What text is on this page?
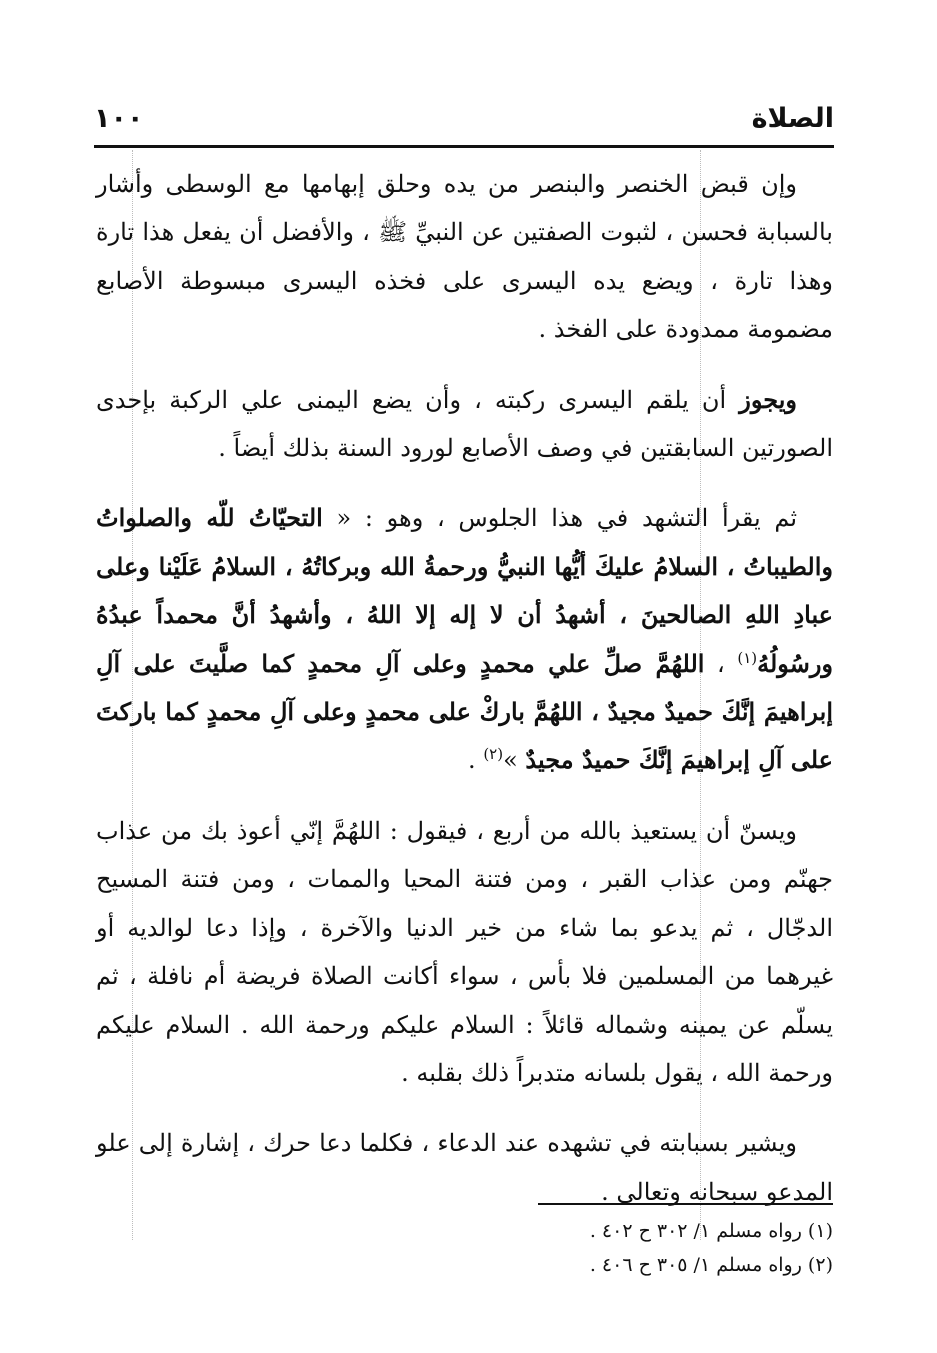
الصلاة
١٠٠

وإن قبض الخنصر والبنصر من يده وحلق إبهامها مع الوسطى وأشار بالسبابة فحسن ، لثبوت الصفتين عن النبيِّ ﷺ ، والأفضل أن يفعل هذا تارة وهذا تارة ، ويضع يده اليسرى على فخذه اليسرى مبسوطة الأصابع مضمومة ممدودة على الفخذ .

ويجوز أن يلقم اليسرى ركبته ، وأن يضع اليمنى علي الركبة بإحدى الصورتين السابقتين في وصف الأصابع لورود السنة بذلك أيضاً .

ثم يقرأ التشهد في هذا الجلوس ، وهو : « التحيّاتُ للّه والصلواتُ والطيباتُ ، السلامُ عليكَ أيُّها النبيُّ ورحمةُ الله وبركاتُهُ ، السلامُ عَلَيْنا وعلى عبادِ اللهِ الصالحينَ ، أشهدُ أن لا إله إلا اللهُ ، وأشهدُ أنَّ محمداً عبدُهُ ورسُولُهُ$^{(١)}$ ، اللهُمَّ صلِّ علي محمدٍ وعلى آلِ محمدٍ كما صلَّيتَ على آلِ إبراهيمَ إنَّكَ حميدٌ مجيدٌ ، اللهُمَّ باركْ على محمدٍ وعلى آلِ محمدٍ كما باركتَ على آلِ إبراهيمَ إنَّكَ حميدٌ مجيدٌ »$^{(٢)}$ .

ويسنّ أن يستعيذ بالله من أربع ، فيقول : اللهُمَّ إنّي أعوذ بك من عذاب جهنّم ومن عذاب القبر ، ومن فتنة المحيا والممات ، ومن فتنة المسيح الدجّال ، ثم يدعو بما شاء من خير الدنيا والآخرة ، وإذا دعا لوالديه أو غيرهما من المسلمين فلا بأس ، سواء أكانت الصلاة فريضة أم نافلة ، ثم يسلّم عن يمينه وشماله قائلاً : السلام عليكم ورحمة الله . السلام عليكم ورحمة الله ، يقول بلسانه متدبراً ذلك بقلبه .

ويشير بسبابته في تشهده عند الدعاء ، فكلما دعا حرك ، إشارة إلى علو المدعو سبحانه وتعالى .

(١) رواه مسلم ١/ ٣٠٢ ح ٤٠٢ .
(٢) رواه مسلم ١/ ٣٠٥ ح ٤٠٦ .
